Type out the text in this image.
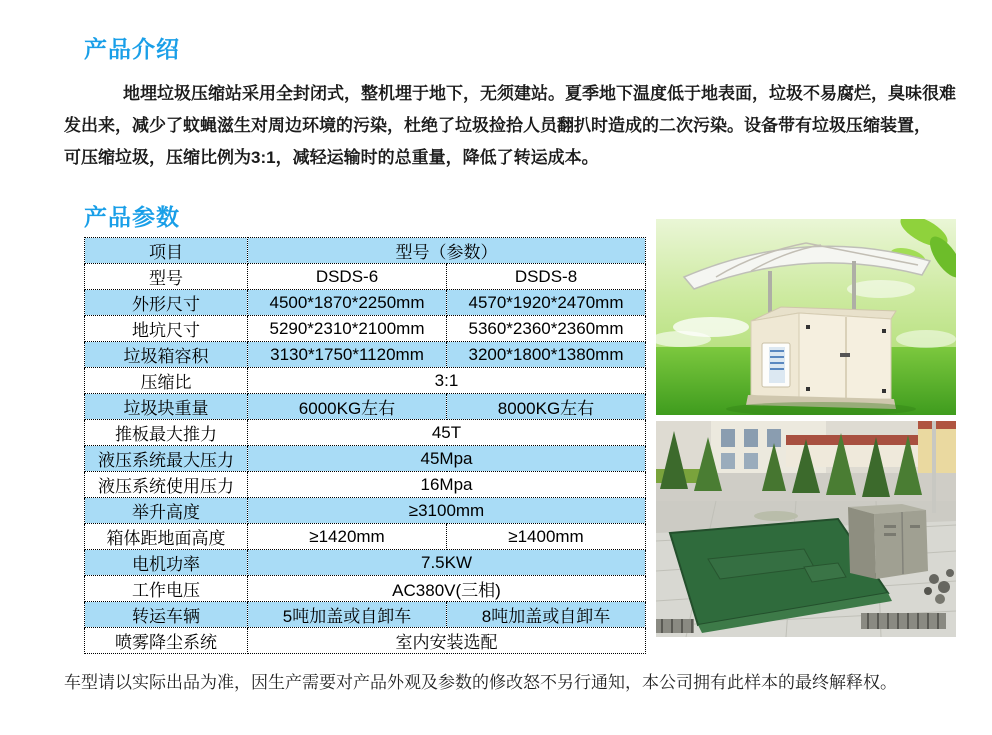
产品介绍
地埋垃圾压缩站采用全封闭式，整机埋于地下，无须建站。夏季地下温度低于地表面，垃圾不易腐烂，臭味很难
发出来，减少了蚊蝇滋生对周边环境的污染，杜绝了垃圾捡拾人员翻扒时造成的二次污染。设备带有垃圾压缩装置，
可压缩垃圾，压缩比例为3:1，减轻运输时的总重量，降低了转运成本。
产品参数
项目	型号（参数）	
型号	DSDS-6	DSDS-8
外形尺寸	4500*1870*2250mm	4570*1920*2470mm
地坑尺寸	5290*2310*2100mm	5360*2360*2360mm
垃圾箱容积	3130*1750*1120mm	3200*1800*1380mm
压缩比	3:1	
垃圾块重量	6000KG左右	8000KG左右
推板最大推力	45T	
液压系统最大压力	45Mpa	
液压系统使用压力	16Mpa	
举升高度	≥3100mm	
箱体距地面高度	≥1420mm	≥1400mm
电机功率	7.5KW	
工作电压	AC380V(三相)	
转运车辆	5吨加盖或自卸车	8吨加盖或自卸车
喷雾降尘系统	室内安装选配	
车型请以实际出品为准，因生产需要对产品外观及参数的修改怒不另行通知，本公司拥有此样本的最终解释权。
